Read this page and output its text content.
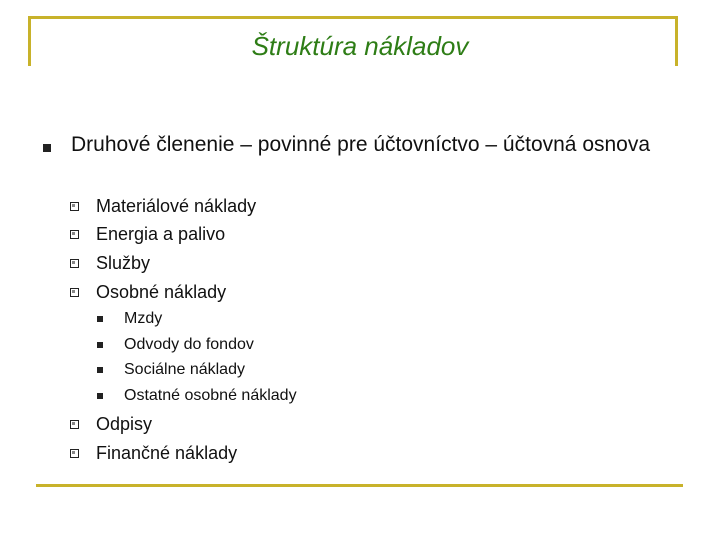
Štruktúra nákladov
Druhové členenie – povinné pre účtovníctvo – účtovná osnova
Materiálové náklady
Energia a palivo
Služby
Osobné náklady
Mzdy
Odvody do fondov
Sociálne náklady
Ostatné osobné náklady
Odpisy
Finančné náklady
